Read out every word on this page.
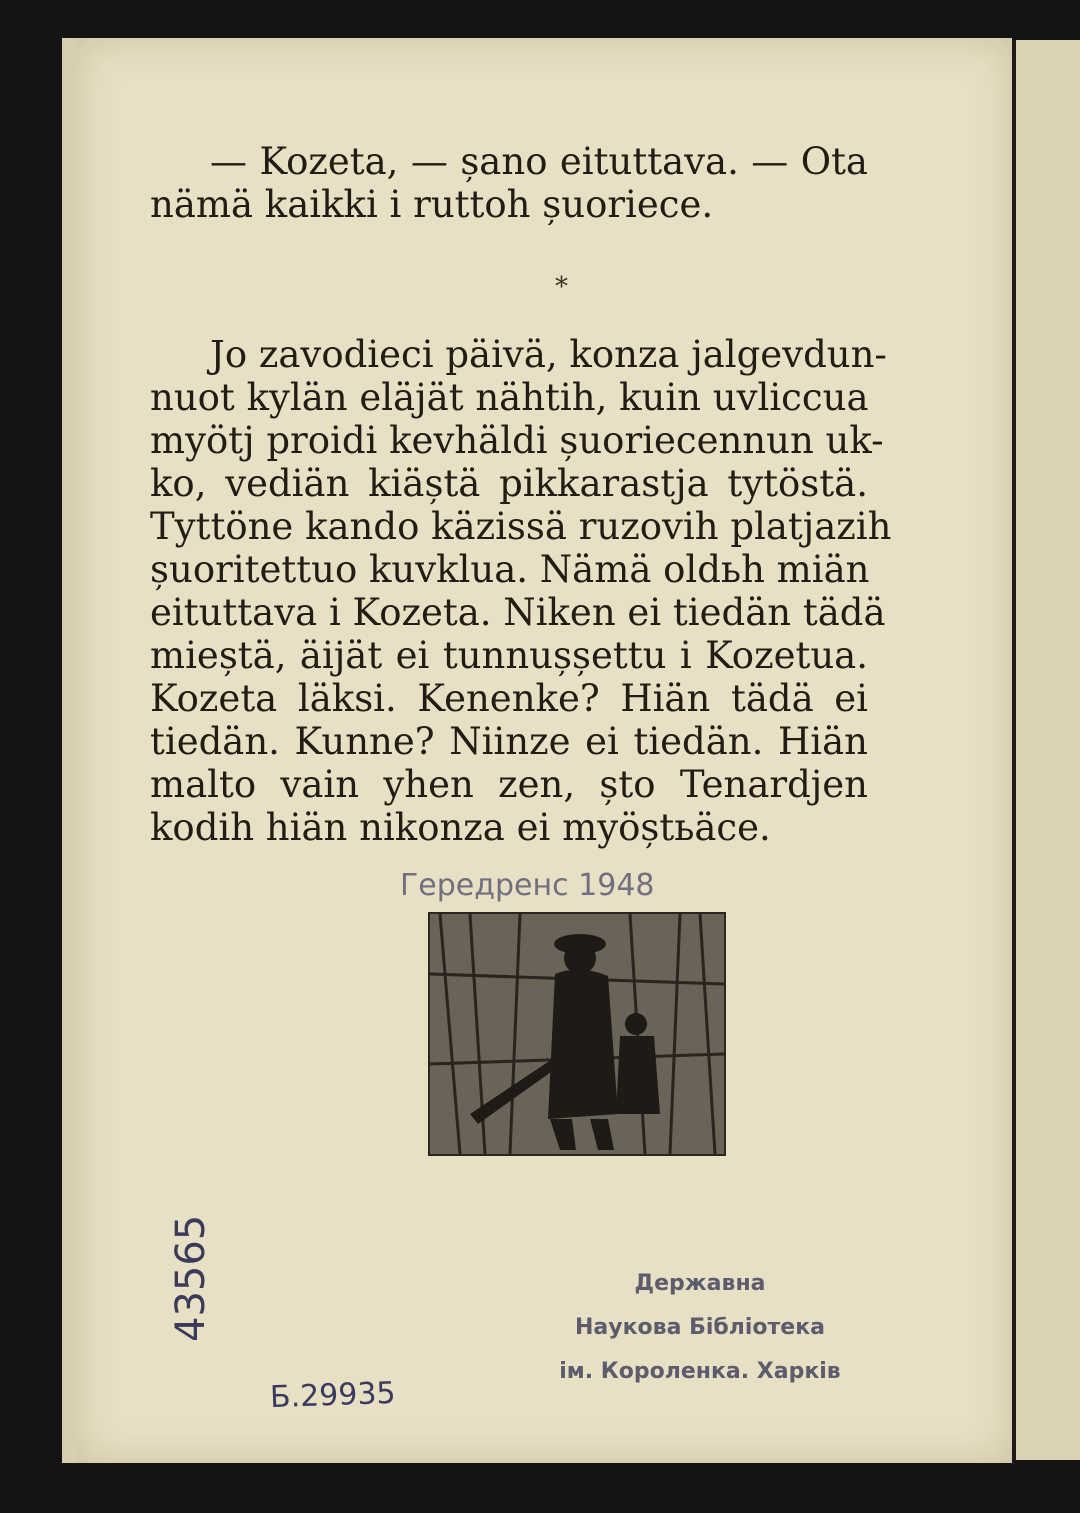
— Kozeta, — șano eituttava. — Ota
nämä kaikki i ruttoh șuoriece.
*
Jo zavodieci päivä, konza jalgevdun-
nuot kylän eläjät nähtih, kuin uvliccua
myötj proidi kevhäldi șuoriecennun uk-
ko, vediän kiäștä pikkarastja tytöstä.
Tyttöne kando käzissä ruzovih platjazih
șuoritettuo kuvklua. Nämä oldьh miän
eituttava i Kozeta. Niken ei tiedän tädä
mieștä, äijät ei tunnușșettu i Kozetua.
Kozeta läksi. Kenenke? Hiän tädä ei
tiedän. Kunne? Niinze ei tiedän. Hiän
malto vain yhen zen, șto Tenardjen
kodih hiän nikonza ei myöștьäce.
Гередренс 1948
43565
Б.29935
Державна
Наукова Бібліотека
ім. Короленка. Харків
